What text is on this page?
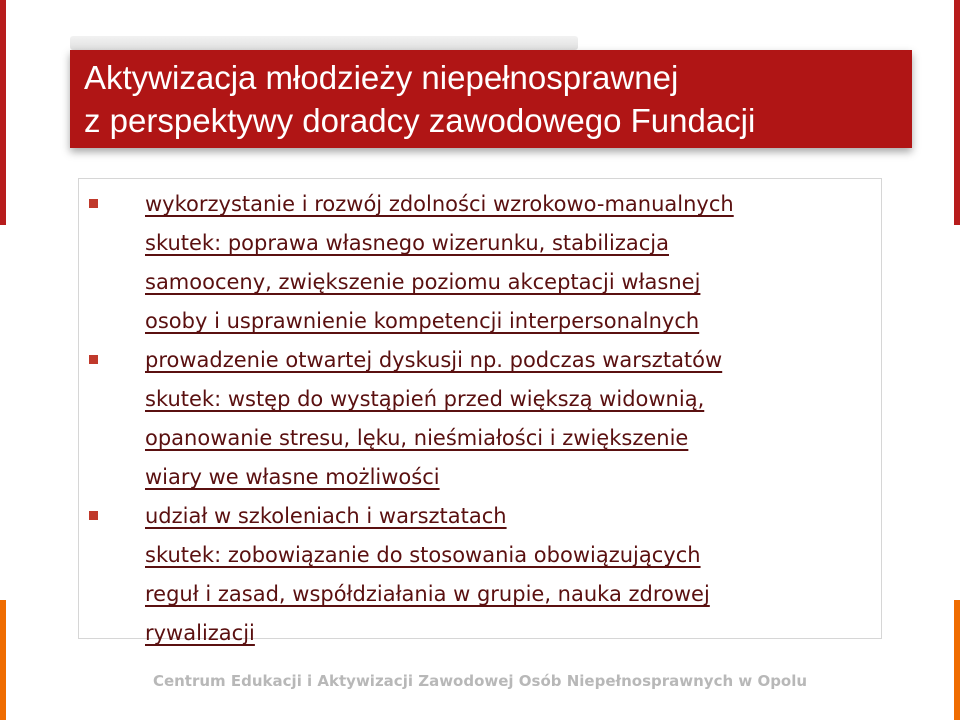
Aktywizacja młodzieży niepełnosprawnej
z perspektywy doradcy zawodowego Fundacji
wykorzystanie i rozwój zdolności wzrokowo-manualnych
skutek: poprawa własnego wizerunku, stabilizacja
samooceny, zwiększenie poziomu akceptacji własnej
osoby i usprawnienie kompetencji interpersonalnych
prowadzenie otwartej dyskusji np. podczas warsztatów
skutek: wstęp do wystąpień przed większą widownią,
opanowanie stresu, lęku, nieśmiałości i zwiększenie
wiary we własne możliwości
udział w szkoleniach i warsztatach
skutek: zobowiązanie do stosowania obowiązujących
reguł i zasad, współdziałania w grupie, nauka zdrowej
rywalizacji
Centrum Edukacji i Aktywizacji Zawodowej Osób Niepełnosprawnych w Opolu
